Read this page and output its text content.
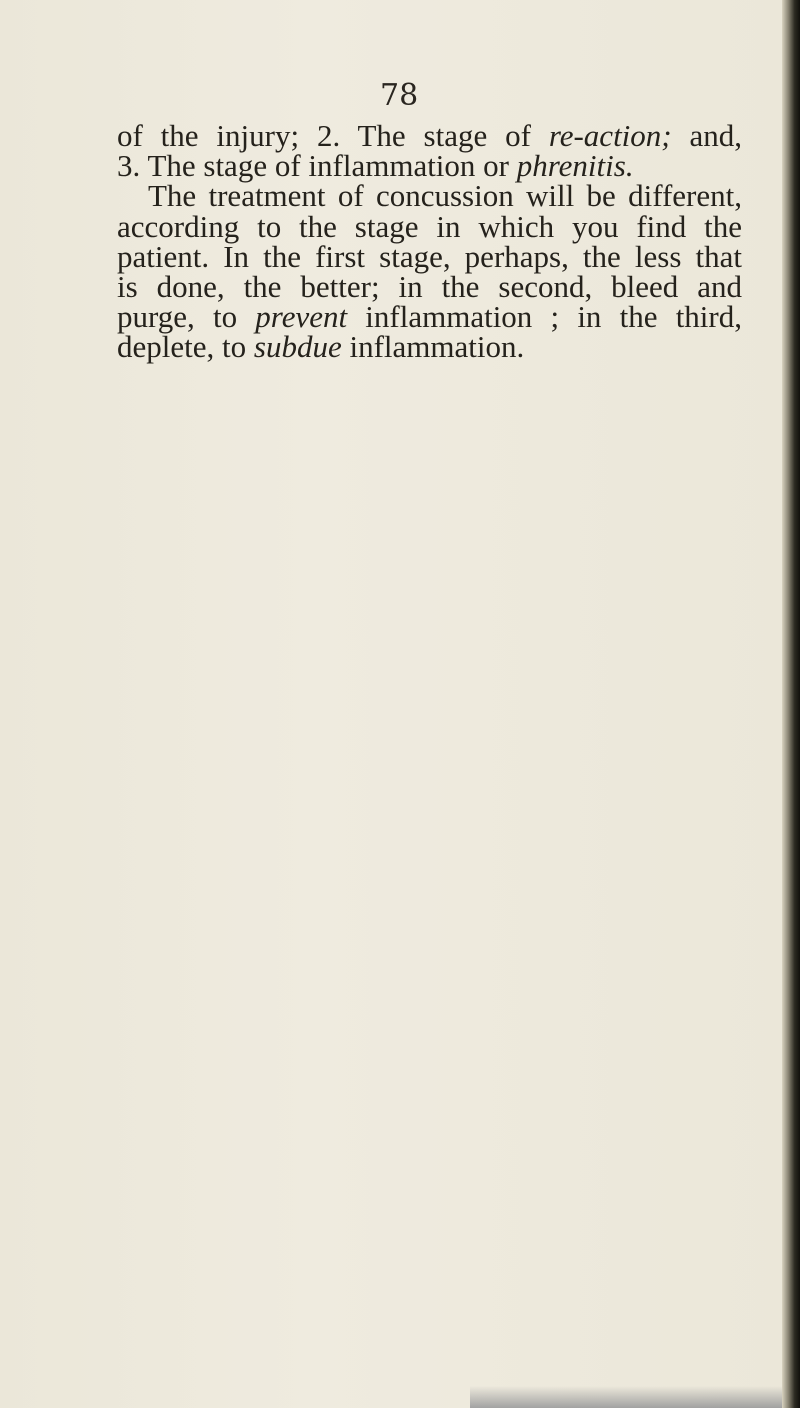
78
of the injury; 2. The stage of re-action; and,
3. The stage of inflammation or phrenitis.
The treatment of concussion will be different,
according to the stage in which you find the
patient. In the first stage, perhaps, the less that
is done, the better; in the second, bleed and
purge, to prevent inflammation ; in the third,
deplete, to subdue inflammation.
